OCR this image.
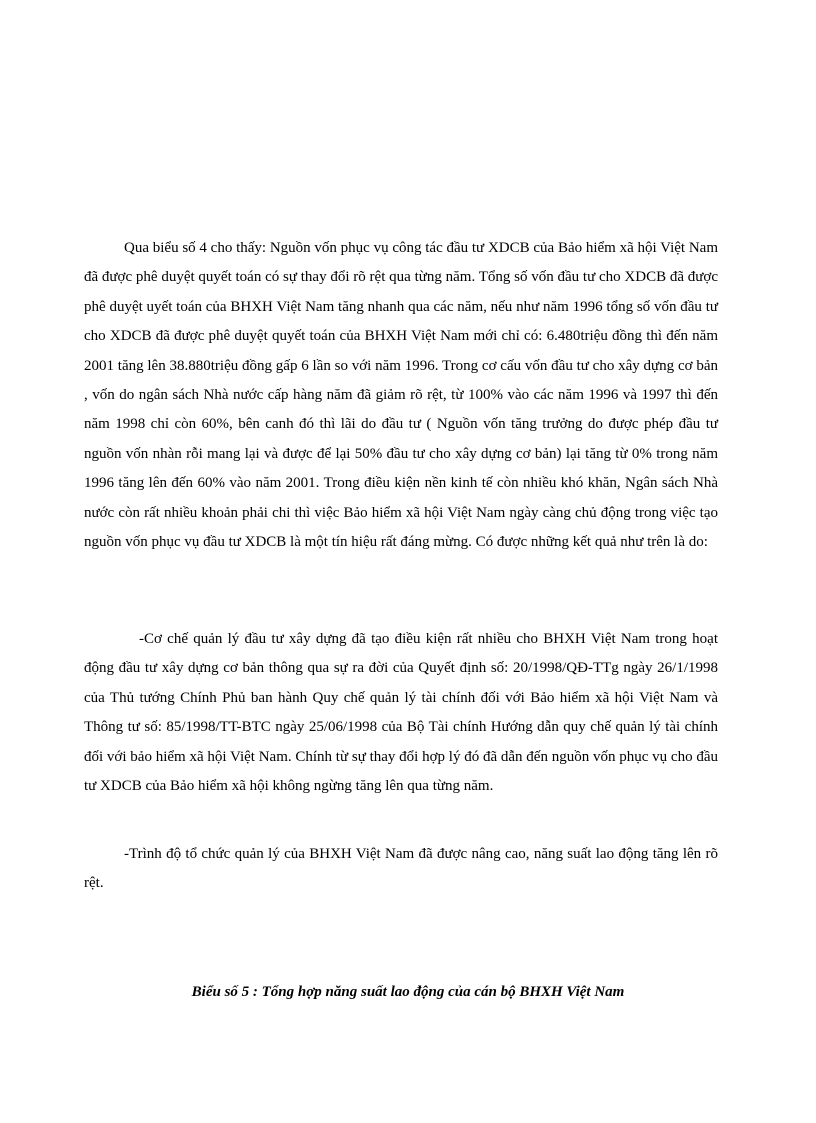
Qua biểu số 4 cho thấy: Nguồn vốn phục vụ công tác đầu tư XDCB của Bảo hiểm xã hội Việt Nam đã được phê duyệt quyết toán có sự thay đổi rõ rệt qua từng năm. Tổng số vốn đầu tư cho XDCB đã được phê duyệt uyết toán của BHXH Việt Nam tăng nhanh qua các năm, nếu như năm 1996 tổng số vốn đầu tư cho XDCB đã được phê duyệt quyết toán của BHXH Việt Nam mới chỉ có: 6.480triệu đồng thì đến năm 2001 tăng lên 38.880triệu đồng gấp 6 lần so với năm 1996. Trong cơ cấu vốn đầu tư cho xây dựng cơ bản , vốn do ngân sách Nhà nước cấp hàng năm đã giảm rõ rệt, từ 100% vào các năm 1996 và 1997 thì đến năm 1998 chỉ còn 60%, bên canh đó thì lãi do đầu tư ( Nguồn vốn tăng trưởng do được phép đầu tư nguồn vốn nhàn rỗi mang lại và được để lại 50% đầu tư cho xây dựng cơ bản) lại tăng từ 0% trong năm 1996 tăng lên đến 60% vào năm 2001. Trong điều kiện nền kinh tế còn nhiều khó khăn, Ngân sách Nhà nước còn rất nhiều khoản phải chi thì việc Bảo hiểm xã hội Việt Nam ngày càng chủ động trong việc tạo nguồn vốn phục vụ đầu tư XDCB là một tín hiệu rất đáng mừng. Có được những kết quả như trên là do:

-Cơ chế quản lý đầu tư xây dựng đã tạo điều kiện rất nhiều cho BHXH Việt Nam trong hoạt động đầu tư xây dựng cơ bản thông qua sự ra đời của Quyết định số: 20/1998/QĐ-TTg ngày 26/1/1998 của Thủ tướng Chính Phủ ban hành Quy chế quản lý tài chính đối với Bảo hiểm xã hội Việt Nam và Thông tư số: 85/1998/TT-BTC ngày 25/06/1998 của Bộ Tài chính Hướng dẫn quy chế quản lý tài chính đối với bảo hiểm xã hội Việt Nam. Chính từ sự thay đổi hợp lý đó đã dẫn đến nguồn vốn phục vụ cho đầu tư XDCB của Bảo hiểm xã hội không ngừng tăng lên qua từng năm.

-Trình độ tổ chức quản lý của BHXH Việt Nam đã được nâng cao, năng suất lao động tăng lên rõ rệt.

Biểu số 5 : Tổng hợp năng suất lao động của cán bộ BHXH Việt Nam
